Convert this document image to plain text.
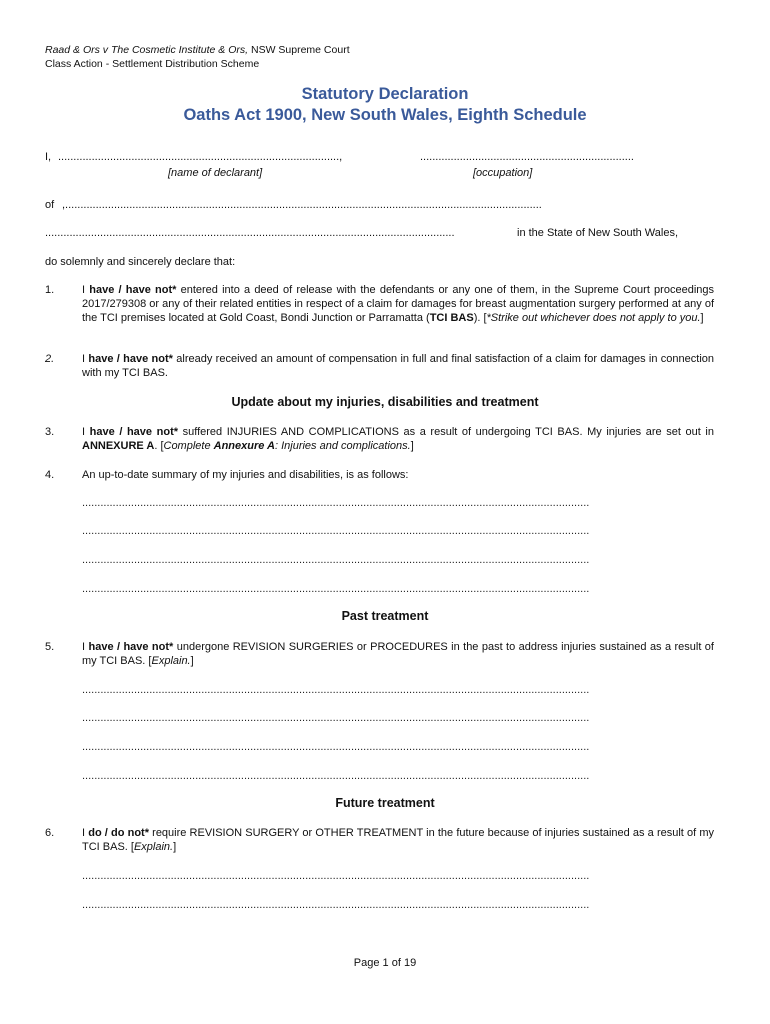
Raad & Ors v The Cosmetic Institute & Ors, NSW Supreme Court
Class Action - Settlement Distribution Scheme
Statutory Declaration
Oaths Act 1900, New South Wales, Eighth Schedule
I, ............................................................................................,	......................................................................
[name of declarant]	[occupation]
of ............................................................................................................................................................,
......................................................................................................................................	in the State of New South Wales,
do solemnly and sincerely declare that:
1.	I have / have not* entered into a deed of release with the defendants or any one of them, in the Supreme Court proceedings 2017/279308 or any of their related entities in respect of a claim for damages for breast augmentation surgery performed at any of the TCI premises located at Gold Coast, Bondi Junction or Parramatta (TCI BAS). [*Strike out whichever does not apply to you.]
2.	I have / have not* already received an amount of compensation in full and final satisfaction of a claim for damages in connection with my TCI BAS.
Update about my injuries, disabilities and treatment
3.	I have / have not* suffered INJURIES AND COMPLICATIONS as a result of undergoing TCI BAS. My injuries are set out in ANNEXURE A. [Complete Annexure A: Injuries and complications.]
4.	An up-to-date summary of my injuries and disabilities, is as follows:
......................................................................................................................................................................
......................................................................................................................................................................
......................................................................................................................................................................
......................................................................................................................................................................
Past treatment
5.	I have / have not* undergone REVISION SURGERIES or PROCEDURES in the past to address injuries sustained as a result of my TCI BAS. [Explain.]
......................................................................................................................................................................
......................................................................................................................................................................
......................................................................................................................................................................
......................................................................................................................................................................
Future treatment
6.	I do / do not* require REVISION SURGERY or OTHER TREATMENT in the future because of injuries sustained as a result of my TCI BAS. [Explain.]
......................................................................................................................................................................
......................................................................................................................................................................
Page 1 of 19
